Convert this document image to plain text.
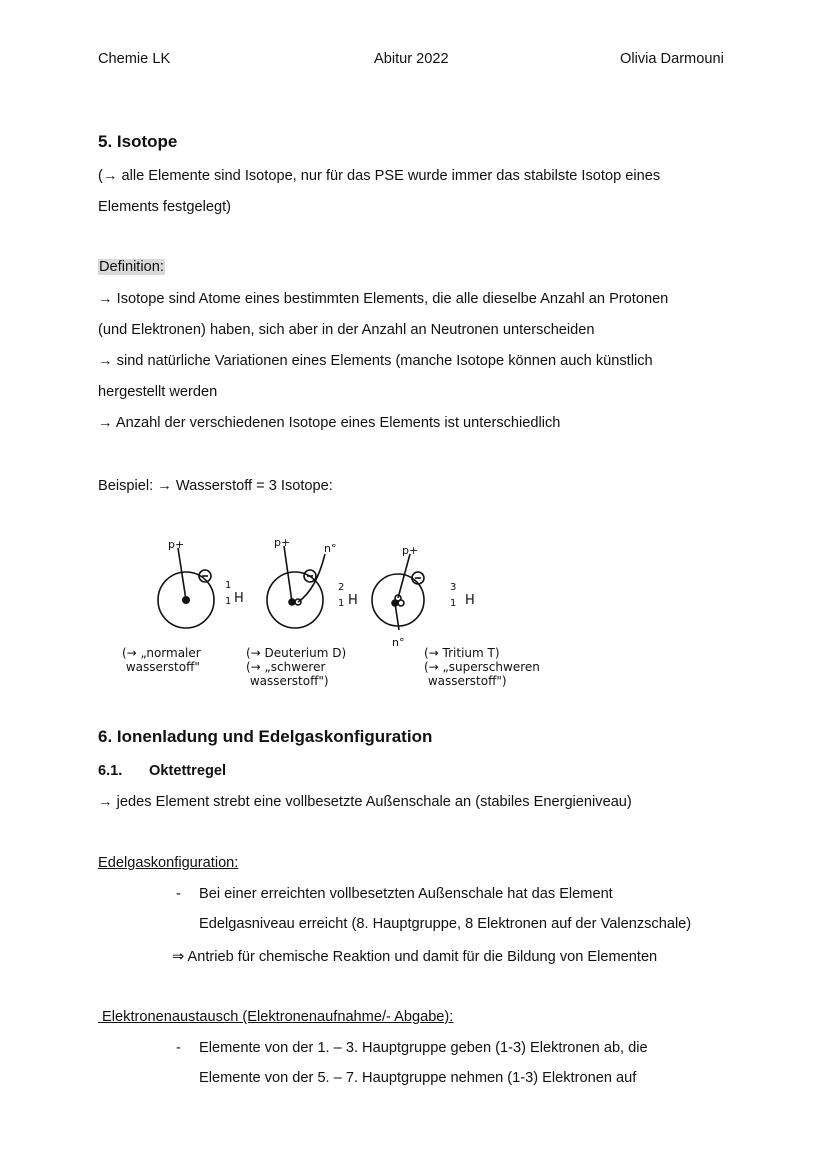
Chemie LK	Abitur 2022	Olivia Darmouni
5. Isotope
(→ alle Elemente sind Isotope, nur für das PSE wurde immer das stabilste Isotop eines
Elements festgelegt)
Definition:
→ Isotope sind Atome eines bestimmten Elements, die alle dieselbe Anzahl an Protonen
(und Elektronen) haben, sich aber in der Anzahl an Neutronen unterscheiden
→ sind natürliche Variationen eines Elements (manche Isotope können auch künstlich
hergestellt werden
→ Anzahl der verschiedenen Isotope eines Elements ist unterschiedlich
Beispiel: → Wasserstoff = 3 Isotope:
p+
1
1 H
p+	n°
2
1 H
p+
n°
3
1 H
(→ „normaler
wasserstoff"
(→ Deuterium D)
(→ „schwerer
wasserstoff")
(→ Tritium T)
(→ „superschweren
wasserstoff")
6. Ionenladung und Edelgaskonfiguration
6.1. Oktettregel
→ jedes Element strebt eine vollbesetzte Außenschale an (stabiles Energieniveau)
Edelgaskonfiguration:
- Bei einer erreichten vollbesetzten Außenschale hat das Element
Edelgasniveau erreicht (8. Hauptgruppe, 8 Elektronen auf der Valenzschale)
⇒ Antrieb für chemische Reaktion und damit für die Bildung von Elementen
Elektronenaustausch (Elektronenaufnahme/- Abgabe):
- Elemente von der 1. – 3. Hauptgruppe geben (1-3) Elektronen ab, die
Elemente von der 5. – 7. Hauptgruppe nehmen (1-3) Elektronen auf
